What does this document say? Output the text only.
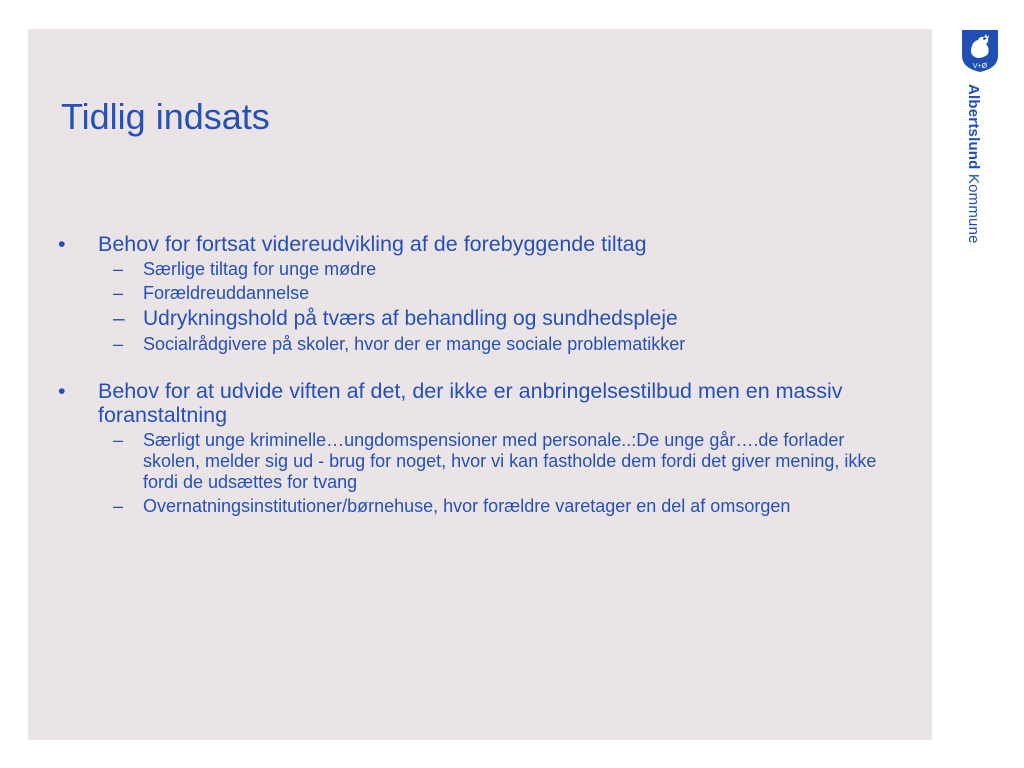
Tidlig indsats
• Behov for fortsat videreudvikling af de forebyggende tiltag
– Særlige tiltag for unge mødre
– Forældreuddannelse
– Udrykningshold på tværs af behandling og sundhedspleje
– Socialrådgivere på skoler, hvor der er mange sociale problematikker
• Behov for at udvide viften af det, der ikke er anbringelsestilbud men en massiv foranstaltning
– Særligt unge kriminelle…ungdomspensioner med personale..:De unge går….de forlader skolen, melder sig ud - brug for noget, hvor vi kan fastholde dem fordi det giver mening, ikke fordi de udsættes for tvang
– Overnatningsinstitutioner/børnehuse, hvor forældre varetager en del af omsorgen
V+Ø
Albertslund Kommune
